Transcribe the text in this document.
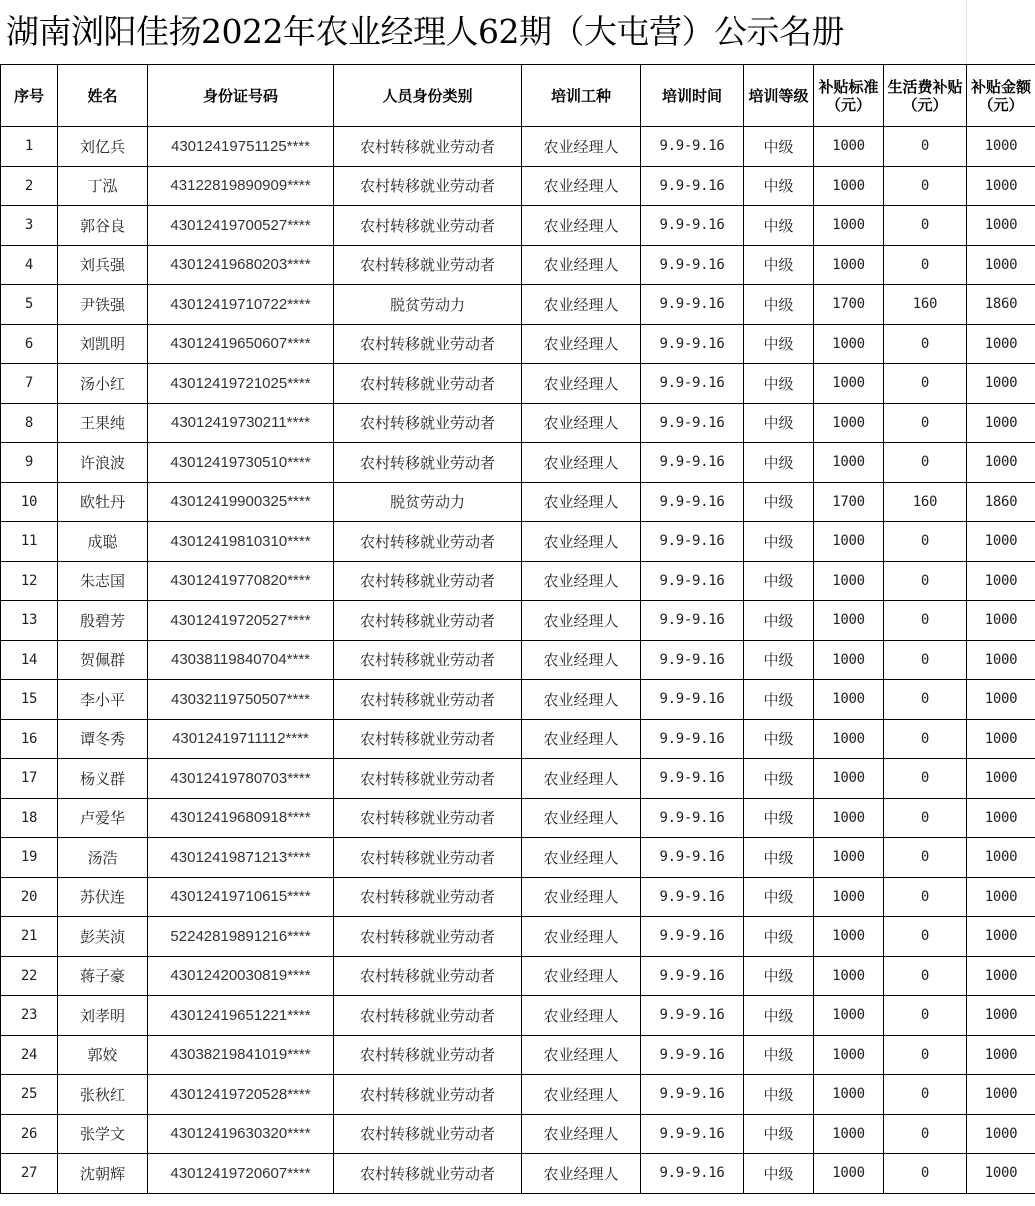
湖南浏阳佳扬2022年农业经理人62期（大屯营）公示名册
序号	姓名	身份证号码	人员身份类别	培训工种	培训时间	培训等级	补贴标准（元）	生活费补贴（元）	补贴金额（元）
1	刘亿兵	43012419751125****	农村转移就业劳动者	农业经理人	9.9-9.16	中级	1000	0	1000
2	丁泓	43122819890909****	农村转移就业劳动者	农业经理人	9.9-9.16	中级	1000	0	1000
3	郭谷良	43012419700527****	农村转移就业劳动者	农业经理人	9.9-9.16	中级	1000	0	1000
4	刘兵强	43012419680203****	农村转移就业劳动者	农业经理人	9.9-9.16	中级	1000	0	1000
5	尹铁强	43012419710722****	脱贫劳动力	农业经理人	9.9-9.16	中级	1700	160	1860
6	刘凯明	43012419650607****	农村转移就业劳动者	农业经理人	9.9-9.16	中级	1000	0	1000
7	汤小红	43012419721025****	农村转移就业劳动者	农业经理人	9.9-9.16	中级	1000	0	1000
8	王果纯	43012419730211****	农村转移就业劳动者	农业经理人	9.9-9.16	中级	1000	0	1000
9	许浪波	43012419730510****	农村转移就业劳动者	农业经理人	9.9-9.16	中级	1000	0	1000
10	欧牡丹	43012419900325****	脱贫劳动力	农业经理人	9.9-9.16	中级	1700	160	1860
11	成聪	43012419810310****	农村转移就业劳动者	农业经理人	9.9-9.16	中级	1000	0	1000
12	朱志国	43012419770820****	农村转移就业劳动者	农业经理人	9.9-9.16	中级	1000	0	1000
13	殷碧芳	43012419720527****	农村转移就业劳动者	农业经理人	9.9-9.16	中级	1000	0	1000
14	贺佩群	43038119840704****	农村转移就业劳动者	农业经理人	9.9-9.16	中级	1000	0	1000
15	李小平	43032119750507****	农村转移就业劳动者	农业经理人	9.9-9.16	中级	1000	0	1000
16	谭冬秀	43012419711112****	农村转移就业劳动者	农业经理人	9.9-9.16	中级	1000	0	1000
17	杨义群	43012419780703****	农村转移就业劳动者	农业经理人	9.9-9.16	中级	1000	0	1000
18	卢爱华	43012419680918****	农村转移就业劳动者	农业经理人	9.9-9.16	中级	1000	0	1000
19	汤浩	43012419871213****	农村转移就业劳动者	农业经理人	9.9-9.16	中级	1000	0	1000
20	苏伏连	43012419710615****	农村转移就业劳动者	农业经理人	9.9-9.16	中级	1000	0	1000
21	彭芙浈	52242819891216****	农村转移就业劳动者	农业经理人	9.9-9.16	中级	1000	0	1000
22	蒋子豪	43012420030819****	农村转移就业劳动者	农业经理人	9.9-9.16	中级	1000	0	1000
23	刘孝明	43012419651221****	农村转移就业劳动者	农业经理人	9.9-9.16	中级	1000	0	1000
24	郭姣	43038219841019****	农村转移就业劳动者	农业经理人	9.9-9.16	中级	1000	0	1000
25	张秋红	43012419720528****	农村转移就业劳动者	农业经理人	9.9-9.16	中级	1000	0	1000
26	张学文	43012419630320****	农村转移就业劳动者	农业经理人	9.9-9.16	中级	1000	0	1000
27	沈朝辉	43012419720607****	农村转移就业劳动者	农业经理人	9.9-9.16	中级	1000	0	1000
